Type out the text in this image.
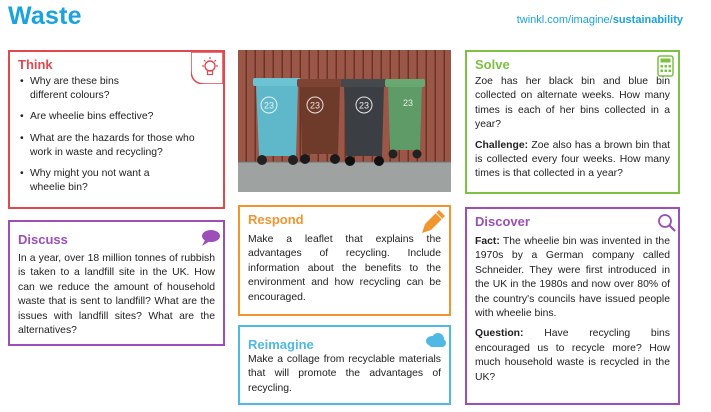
Waste	twinkl.com/imagine/sustainability
Think
• Why are these bins different colours?
• Are wheelie bins effective?
• What are the hazards for those who work in waste and recycling?
• Why might you not want a wheelie bin?
Discuss
In a year, over 18 million tonnes of rubbish is taken to a landfill site in the UK. How can we reduce the amount of household waste that is sent to landfill? What are the issues with landfill sites? What are the alternatives?
23	23	23	23
Respond
Make a leaflet that explains the advantages of recycling. Include information about the benefits to the environment and how recycling can be encouraged.
Reimagine
Make a collage from recyclable materials that will promote the advantages of recycling.
Solve
Zoe has her black bin and blue bin collected on alternate weeks. How many times is each of her bins collected in a year?
Challenge: Zoe also has a brown bin that is collected every four weeks. How many times is that collected in a year?
Discover
Fact: The wheelie bin was invented in the 1970s by a German company called Schneider. They were first introduced in the UK in the 1980s and now over 80% of the country's councils have issued people with wheelie bins.
Question: Have recycling bins encouraged us to recycle more? How much household waste is recycled in the UK?
